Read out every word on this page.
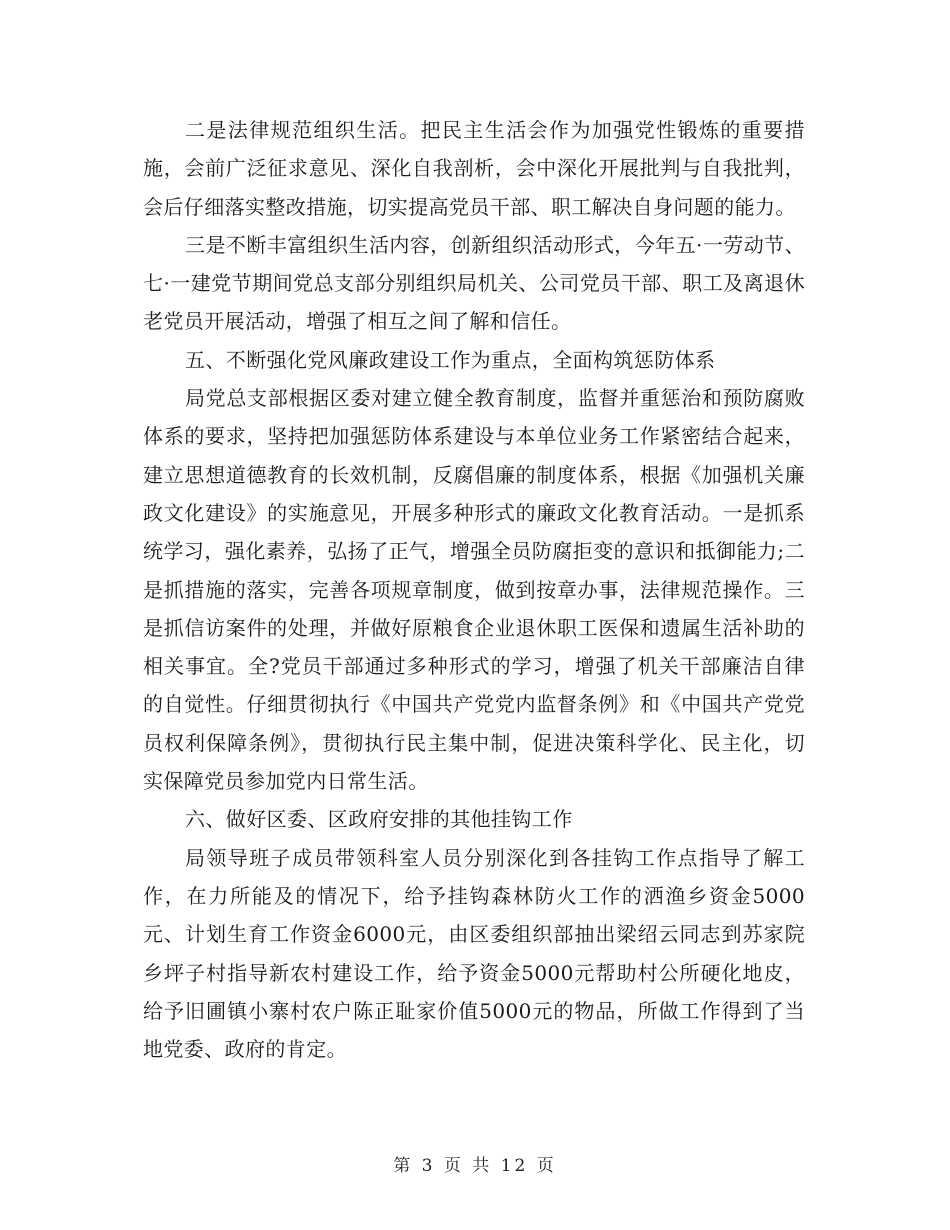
二是法律规范组织生活。把民主生活会作为加强党性锻炼的重要措施，会前广泛征求意见、深化自我剖析，会中深化开展批判与自我批判，会后仔细落实整改措施，切实提高党员干部、职工解决自身问题的能力。

三是不断丰富组织生活内容，创新组织活动形式，今年五·一劳动节、七·一建党节期间党总支部分别组织局机关、公司党员干部、职工及离退休老党员开展活动，增强了相互之间了解和信任。

五、不断强化党风廉政建设工作为重点，全面构筑惩防体系

局党总支部根据区委对建立健全教育制度，监督并重惩治和预防腐败体系的要求，坚持把加强惩防体系建设与本单位业务工作紧密结合起来，建立思想道德教育的长效机制，反腐倡廉的制度体系，根据《加强机关廉政文化建设》的实施意见，开展多种形式的廉政文化教育活动。一是抓系统学习，强化素养，弘扬了正气，增强全员防腐拒变的意识和抵御能力;二是抓措施的落实，完善各项规章制度，做到按章办事，法律规范操作。三是抓信访案件的处理，并做好原粮食企业退休职工医保和遗属生活补助的相关事宜。全?党员干部通过多种形式的学习，增强了机关干部廉洁自律的自觉性。仔细贯彻执行《中国共产党党内监督条例》和《中国共产党党员权利保障条例》，贯彻执行民主集中制，促进决策科学化、民主化，切实保障党员参加党内日常生活。

六、做好区委、区政府安排的其他挂钩工作

局领导班子成员带领科室人员分别深化到各挂钩工作点指导了解工作，在力所能及的情况下，给予挂钩森林防火工作的洒渔乡资金5000元、计划生育工作资金6000元，由区委组织部抽出梁绍云同志到苏家院乡坪子村指导新农村建设工作，给予资金5000元帮助村公所硬化地皮，给予旧圃镇小寨村农户陈正耻家价值5000元的物品，所做工作得到了当地党委、政府的肯定。

第 3 页 共 12 页
